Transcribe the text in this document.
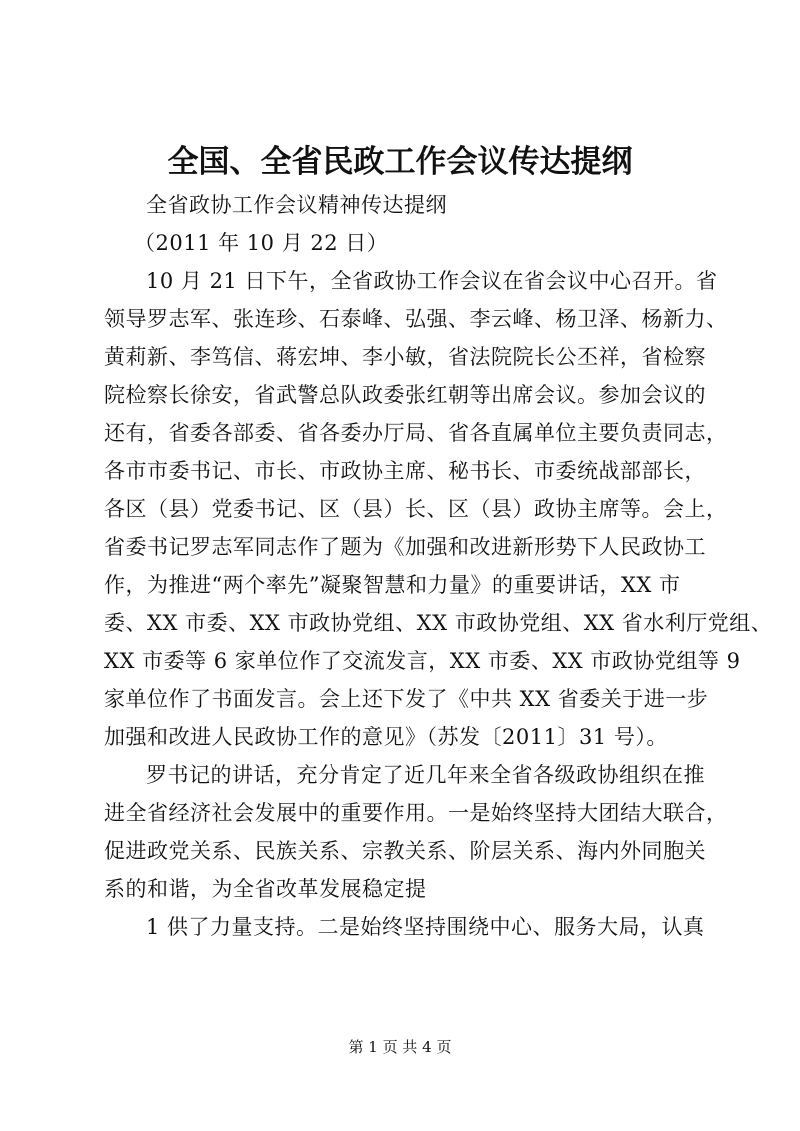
全国、全省民政工作会议传达提纲
全省政协工作会议精神传达提纲
（2011 年 10 月 22 日）
10 月 21 日下午，全省政协工作会议在省会议中心召开。省
领导罗志军、张连珍、石泰峰、弘强、李云峰、杨卫泽、杨新力、
黄莉新、李笃信、蒋宏坤、李小敏，省法院院长公丕祥，省检察
院检察长徐安，省武警总队政委张红朝等出席会议。参加会议的
还有，省委各部委、省各委办厅局、省各直属单位主要负责同志，
各市市委书记、市长、市政协主席、秘书长、市委统战部部长，
各区（县）党委书记、区（县）长、区（县）政协主席等。会上，
省委书记罗志军同志作了题为《加强和改进新形势下人民政协工
作，为推进“两个率先”凝聚智慧和力量》的重要讲话，XX 市
委、XX 市委、XX 市政协党组、XX 市政协党组、XX 省水利厅党组、
XX 市委等 6 家单位作了交流发言，XX 市委、XX 市政协党组等 9
家单位作了书面发言。会上还下发了《中共 XX 省委关于进一步
加强和改进人民政协工作的意见》（苏发〔2011〕31 号）。
罗书记的讲话，充分肯定了近几年来全省各级政协组织在推
进全省经济社会发展中的重要作用。一是始终坚持大团结大联合，
促进政党关系、民族关系、宗教关系、阶层关系、海内外同胞关
系的和谐，为全省改革发展稳定提
1 供了力量支持。二是始终坚持围绕中心、服务大局，认真
第 1 页 共 4 页
